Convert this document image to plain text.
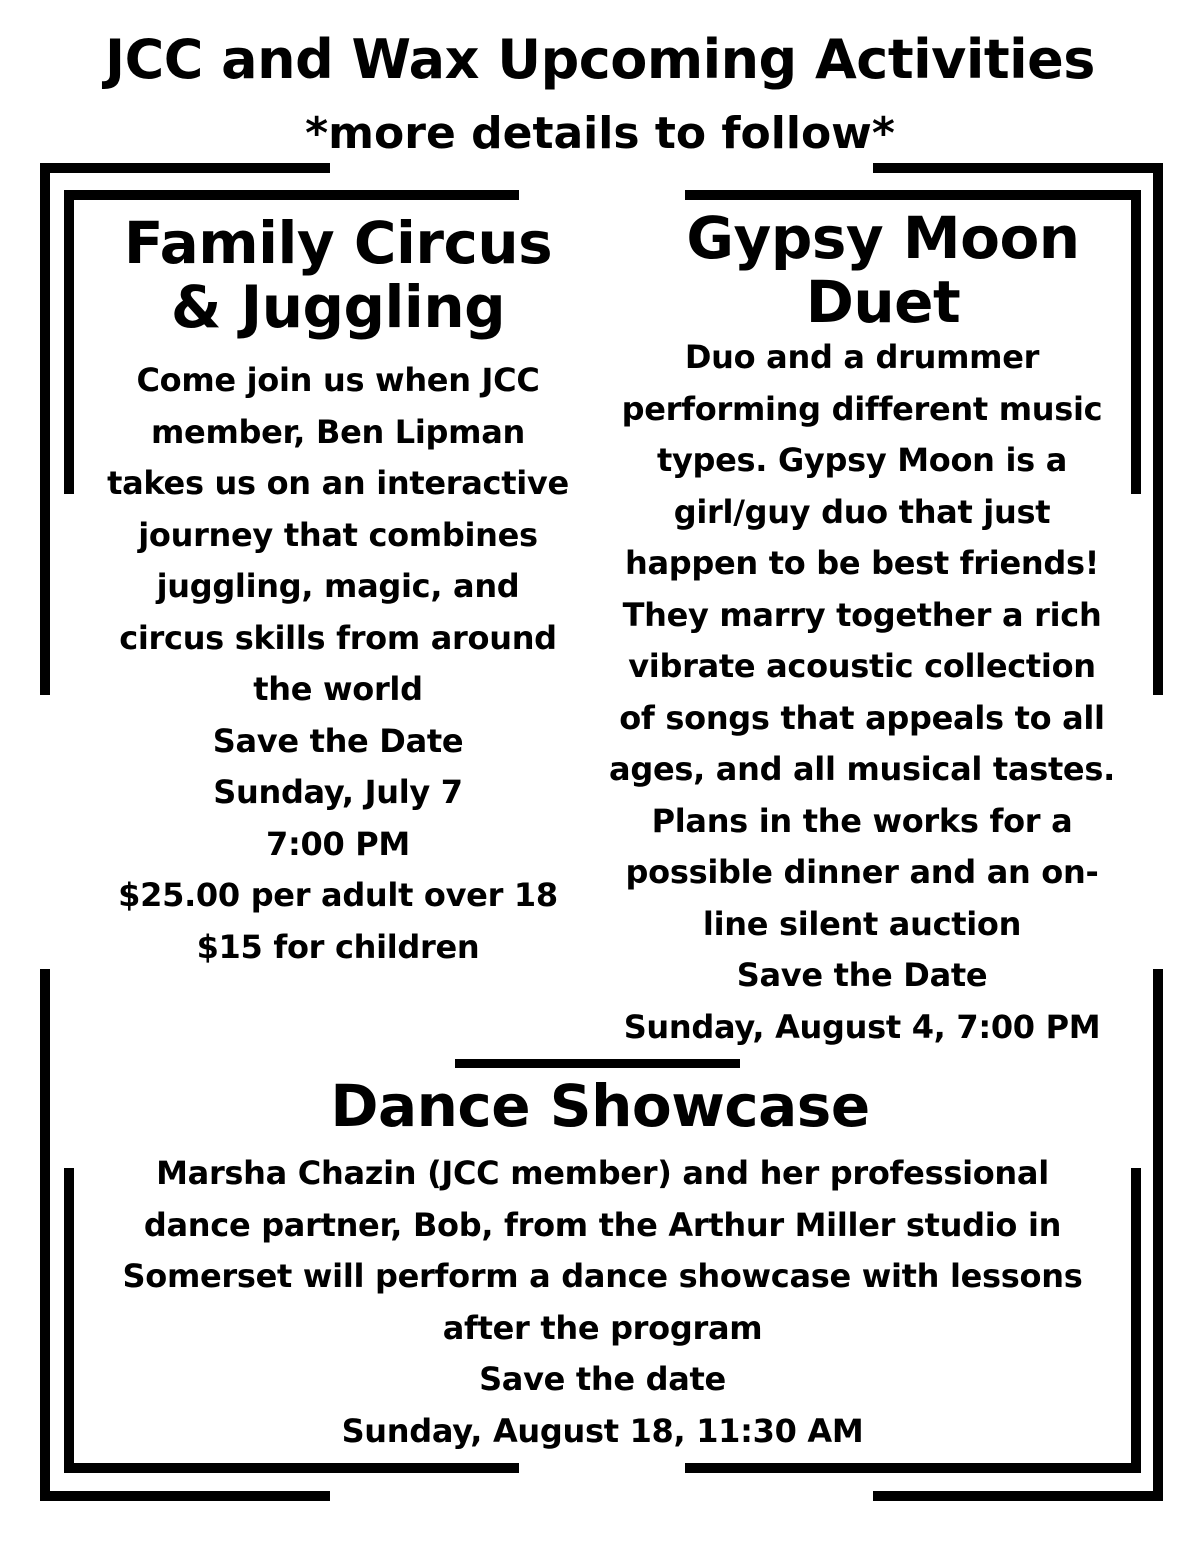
JCC and Wax Upcoming Activities
*more details to follow*
Family Circus
& Juggling
Come join us when JCC
member, Ben Lipman
takes us on an interactive
journey that combines
juggling, magic, and
circus skills from around
the world
Save the Date
Sunday, July 7
7:00 PM
$25.00 per adult over 18
$15 for children
Gypsy Moon
Duet
Duo and a drummer
performing different music
types. Gypsy Moon is a
girl/guy duo that just
happen to be best friends!
They marry together a rich
vibrate acoustic collection
of songs that appeals to all
ages, and all musical tastes.
Plans in the works for a
possible dinner and an on-
line silent auction
Save the Date
Sunday, August 4, 7:00 PM
Dance Showcase
Marsha Chazin (JCC member) and her professional
dance partner, Bob, from the Arthur Miller studio in
Somerset will perform a dance showcase with lessons
after the program
Save the date
Sunday, August 18, 11:30 AM
